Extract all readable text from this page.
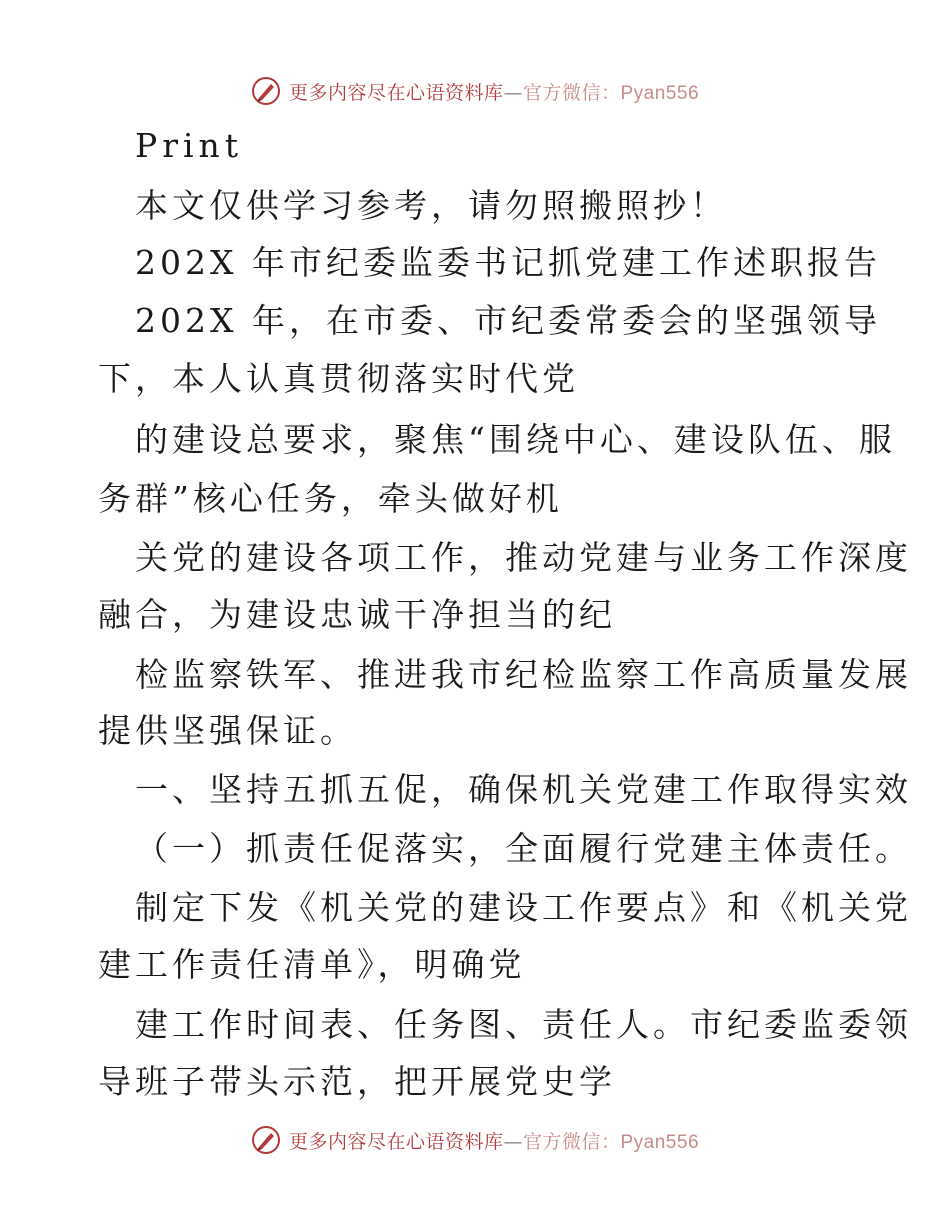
更多内容尽在心语资料库—官方微信：Pyan556
Print
本文仅供学习参考，请勿照搬照抄！
202X 年市纪委监委书记抓党建工作述职报告
202X 年，在市委、市纪委常委会的坚强领导
下，本人认真贯彻落实时代党
的建设总要求，聚焦“围绕中心、建设队伍、服
务群”核心任务，牵头做好机
关党的建设各项工作，推动党建与业务工作深度
融合，为建设忠诚干净担当的纪
检监察铁军、推进我市纪检监察工作高质量发展
提供坚强保证。
一、坚持五抓五促，确保机关党建工作取得实效
（一）抓责任促落实，全面履行党建主体责任。
制定下发《机关党的建设工作要点》和《机关党
建工作责任清单》，明确党
建工作时间表、任务图、责任人。市纪委监委领
导班子带头示范，把开展党史学
更多内容尽在心语资料库—官方微信：Pyan556
